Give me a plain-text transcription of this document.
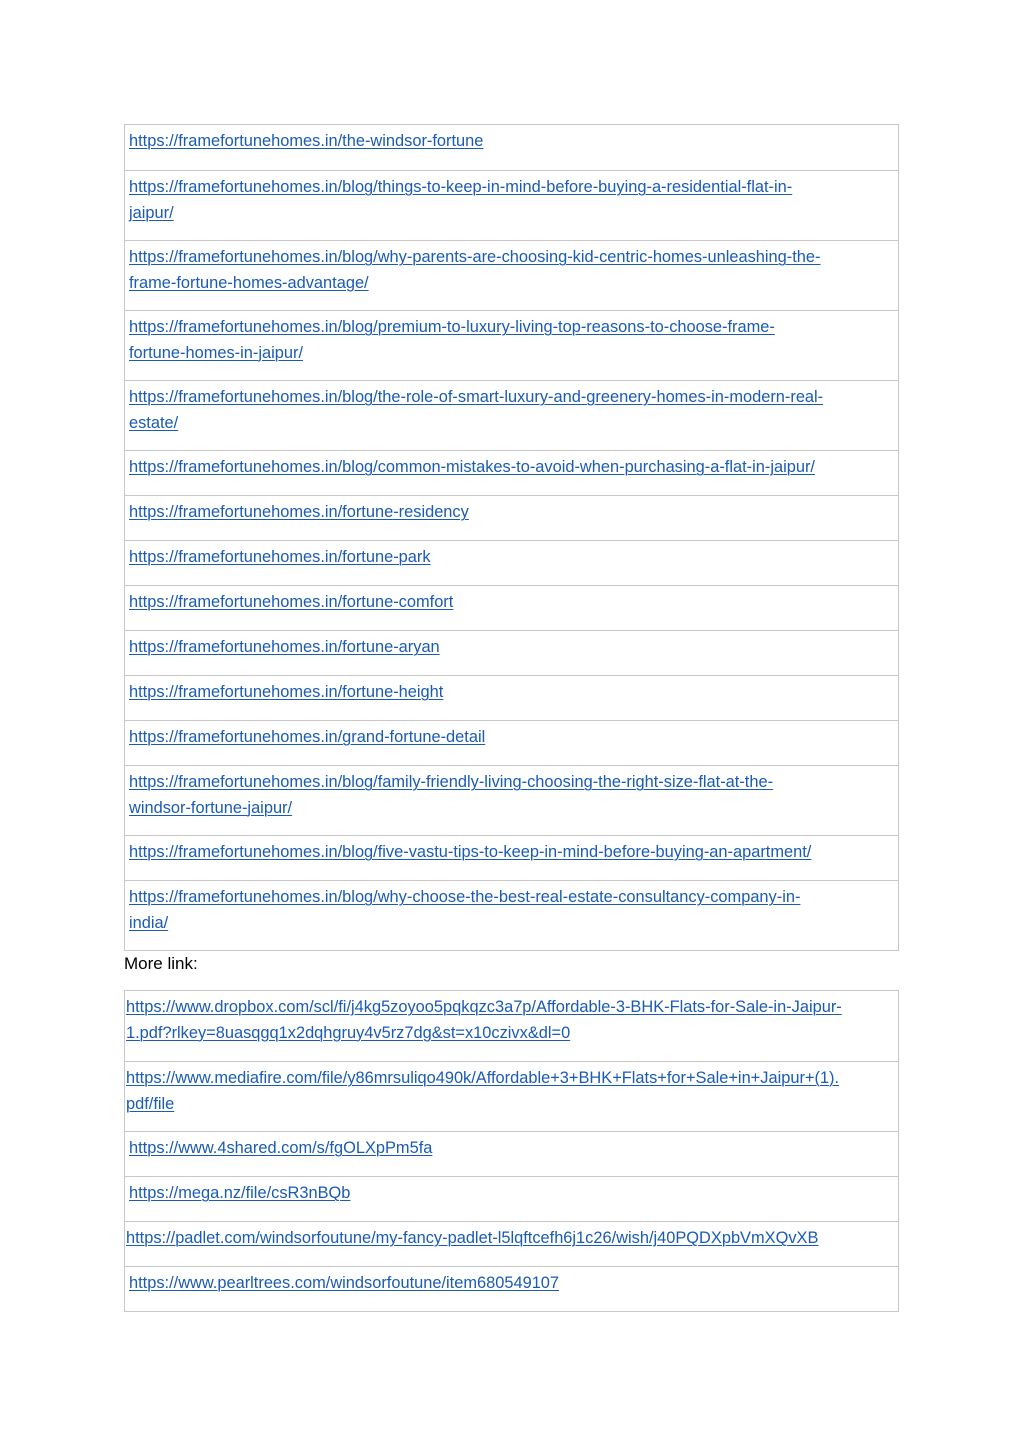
https://framefortunehomes.in/the-windsor-fortune
https://framefortunehomes.in/blog/things-to-keep-in-mind-before-buying-a-residential-flat-in-
jaipur/
https://framefortunehomes.in/blog/why-parents-are-choosing-kid-centric-homes-unleashing-the-
frame-fortune-homes-advantage/
https://framefortunehomes.in/blog/premium-to-luxury-living-top-reasons-to-choose-frame-
fortune-homes-in-jaipur/
https://framefortunehomes.in/blog/the-role-of-smart-luxury-and-greenery-homes-in-modern-real-
estate/
https://framefortunehomes.in/blog/common-mistakes-to-avoid-when-purchasing-a-flat-in-jaipur/
https://framefortunehomes.in/fortune-residency
https://framefortunehomes.in/fortune-park
https://framefortunehomes.in/fortune-comfort
https://framefortunehomes.in/fortune-aryan
https://framefortunehomes.in/fortune-height
https://framefortunehomes.in/grand-fortune-detail
https://framefortunehomes.in/blog/family-friendly-living-choosing-the-right-size-flat-at-the-
windsor-fortune-jaipur/
https://framefortunehomes.in/blog/five-vastu-tips-to-keep-in-mind-before-buying-an-apartment/
https://framefortunehomes.in/blog/why-choose-the-best-real-estate-consultancy-company-in-
india/
More link:
https://www.dropbox.com/scl/fi/j4kg5zoyoo5pqkqzc3a7p/Affordable-3-BHK-Flats-for-Sale-in-Jaipur-
1.pdf?rlkey=8uasqgq1x2dqhgruy4v5rz7dg&st=x10czivx&dl=0
https://www.mediafire.com/file/y86mrsuliqo490k/Affordable+3+BHK+Flats+for+Sale+in+Jaipur+(1).
pdf/file
https://www.4shared.com/s/fgOLXpPm5fa
https://mega.nz/file/csR3nBQb
https://padlet.com/windsorfoutune/my-fancy-padlet-l5lqftcefh6j1c26/wish/j40PQDXpbVmXQvXB
https://www.pearltrees.com/windsorfoutune/item680549107
